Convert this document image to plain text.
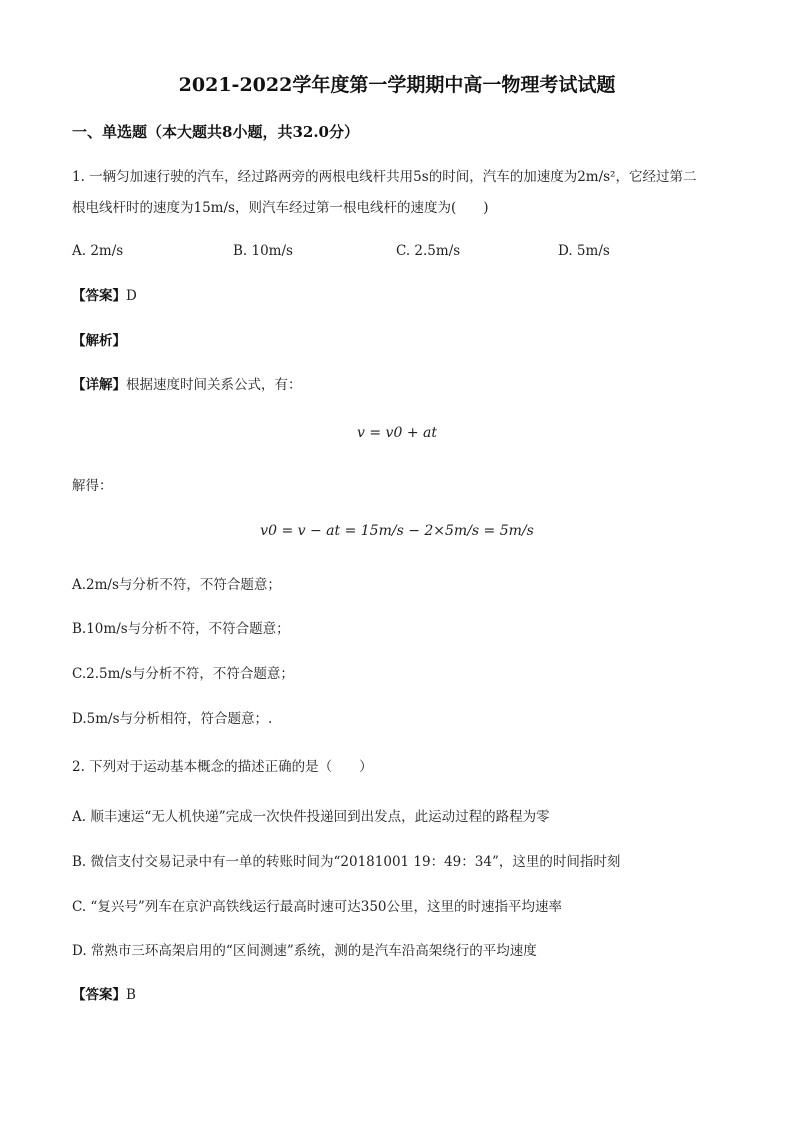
2021-2022学年度第一学期期中高一物理考试试题
一、单选题（本大题共8小题，共32.0分）
1. 一辆匀加速行驶的汽车，经过路两旁的两根电线杆共用5s的时间，汽车的加速度为2m/s²，它经过第二
根电线杆时的速度为15m/s，则汽车经过第一根电线杆的速度为(　　)
A. 2m/s	B. 10m/s	C. 2.5m/s	D. 5m/s
【答案】D
【解析】
【详解】根据速度时间关系公式，有：
v = v0 + at
解得：
v0 = v − at = 15m/s − 2×5m/s = 5m/s
A.2m/s与分析不符，不符合题意；
B.10m/s与分析不符，不符合题意；
C.2.5m/s与分析不符，不符合题意；
D.5m/s与分析相符，符合题意；.
2. 下列对于运动基本概念的描述正确的是（　　）
A. 顺丰速运“无人机快递”完成一次快件投递回到出发点，此运动过程的路程为零
B. 微信支付交易记录中有一单的转账时间为“20181001 19：49：34”，这里的时间指时刻
C. “复兴号”列车在京沪高铁线运行最高时速可达350公里，这里的时速指平均速率
D. 常熟市三环高架启用的“区间测速”系统，测的是汽车沿高架绕行的平均速度
【答案】B
